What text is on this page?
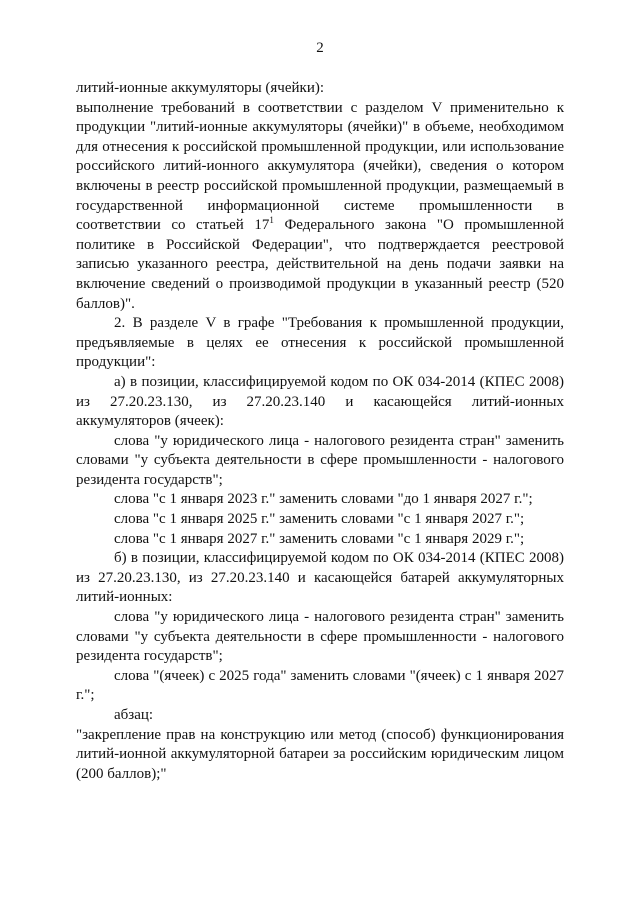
2

литий-ионные аккумуляторы (ячейки):

выполнение требований в соответствии с разделом V применительно к продукции "литий-ионные аккумуляторы (ячейки)" в объеме, необходимом для отнесения к российской промышленной продукции, или использование российского литий-ионного аккумулятора (ячейки), сведения о котором включены в реестр российской промышленной продукции, размещаемый в государственной информационной системе промышленности в соответствии со статьей $17^1$ Федерального закона "О промышленной политике в Российской Федерации", что подтверждается реестровой записью указанного реестра, действительной на день подачи заявки на включение сведений о производимой продукции в указанный реестр (520 баллов)".

2. В разделе V в графе "Требования к промышленной продукции, предъявляемые в целях ее отнесения к российской промышленной продукции":

а) в позиции, классифицируемой кодом по ОК 034-2014 (КПЕС 2008) из 27.20.23.130, из 27.20.23.140 и касающейся литий-ионных аккумуляторов (ячеек):

слова "у юридического лица - налогового резидента стран" заменить словами "у субъекта деятельности в сфере промышленности - налогового резидента государств";

слова "с 1 января 2023 г." заменить словами "до 1 января 2027 г.";

слова "с 1 января 2025 г." заменить словами "с 1 января 2027 г.";

слова "с 1 января 2027 г." заменить словами "с 1 января 2029 г.";

б) в позиции, классифицируемой кодом по ОК 034-2014 (КПЕС 2008) из 27.20.23.130, из 27.20.23.140 и касающейся батарей аккумуляторных литий-ионных:

слова "у юридического лица - налогового резидента стран" заменить словами "у субъекта деятельности в сфере промышленности - налогового резидента государств";

слова "(ячеек) с 2025 года" заменить словами "(ячеек) с 1 января 2027 г.";

абзац:

"закрепление прав на конструкцию или метод (способ) функционирования литий-ионной аккумуляторной батареи за российским юридическим лицом (200 баллов);"
